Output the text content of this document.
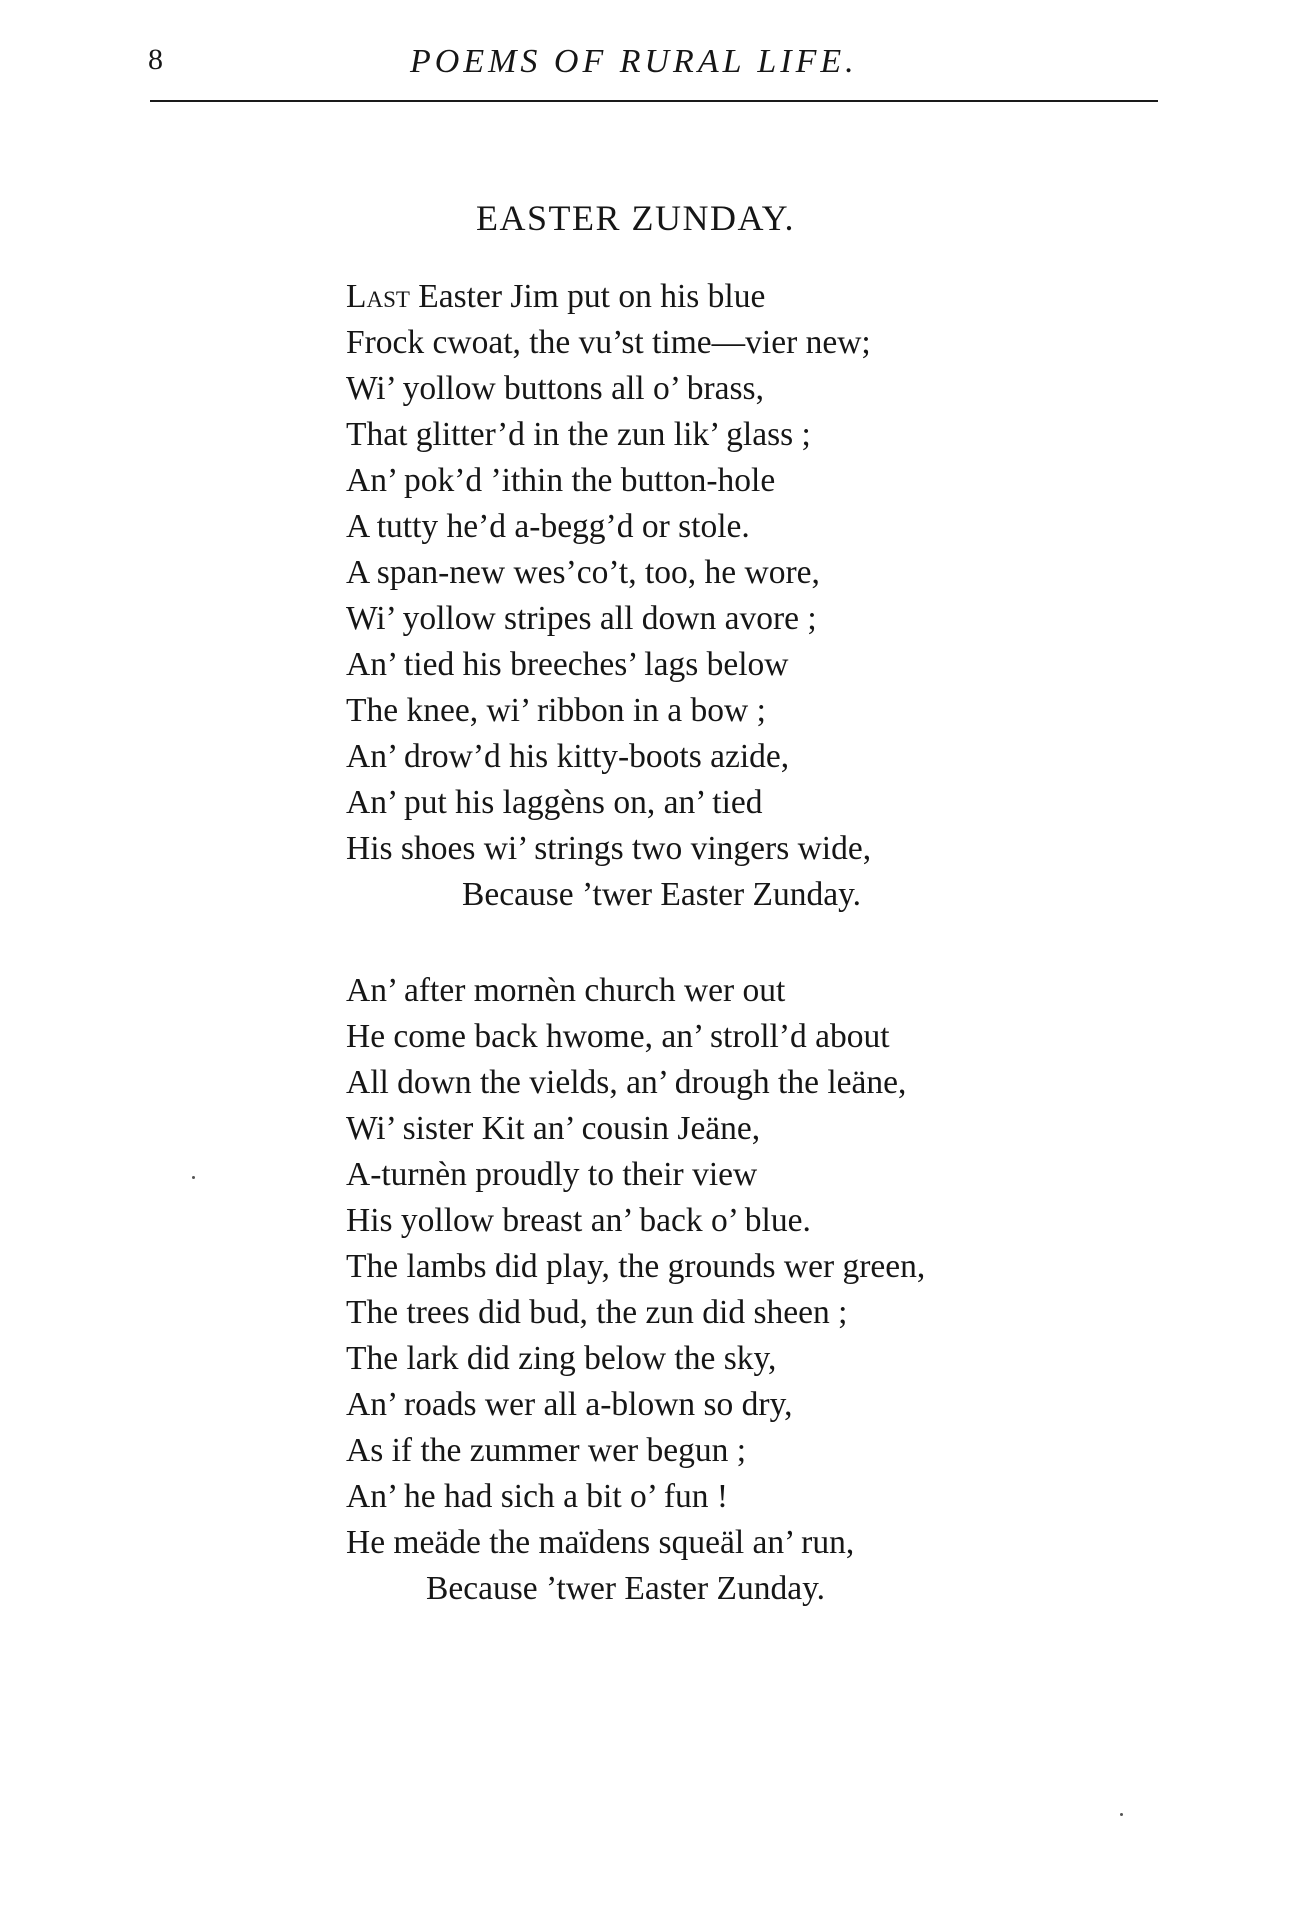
8	POEMS OF RURAL LIFE.
EASTER ZUNDAY.
Last Easter Jim put on his blue
Frock cwoat, the vu’st time—vier new;
Wi’ yollow buttons all o’ brass,
That glitter’d in the zun lik’ glass ;
An’ pok’d ’ithin the button-hole
A tutty he’d a-begg’d or stole.
A span-new wes’co’t, too, he wore,
Wi’ yollow stripes all down avore ;
An’ tied his breeches’ lags below
The knee, wi’ ribbon in a bow ;
An’ drow’d his kitty-boots azide,
An’ put his laggèns on, an’ tied
His shoes wi’ strings two vingers wide,
Because ’twer Easter Zunday.
An’ after mornèn church wer out
He come back hwome, an’ stroll’d about
All down the vields, an’ drough the leäne,
Wi’ sister Kit an’ cousin Jeäne,
A-turnèn proudly to their view
His yollow breast an’ back o’ blue.
The lambs did play, the grounds wer green,
The trees did bud, the zun did sheen ;
The lark did zing below the sky,
An’ roads wer all a-blown so dry,
As if the zummer wer begun ;
An’ he had sich a bit o’ fun !
He meäde the maïdens squeäl an’ run,
Because ’twer Easter Zunday.
